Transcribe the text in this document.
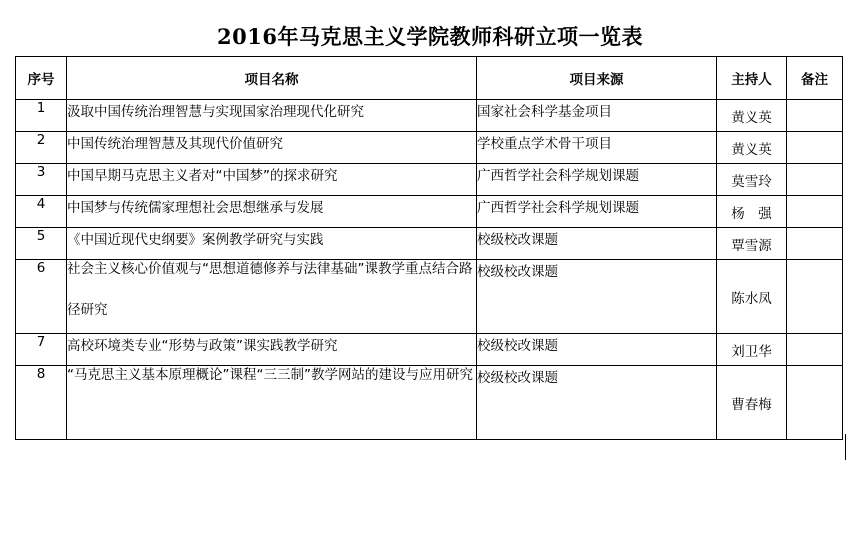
2016年马克思主义学院教师科研立项一览表
序号	项目名称	项目来源	主持人	备注
1	汲取中国传统治理智慧与实现国家治理现代化研究	国家社会科学基金项目	黄义英	
2	中国传统治理智慧及其现代价值研究	学校重点学术骨干项目	黄义英	
3	中国早期马克思主义者对“中国梦”的探求研究	广西哲学社会科学规划课题	莫雪玲	
4	中国梦与传统儒家理想社会思想继承与发展	广西哲学社会科学规划课题	杨　强	
5	《中国近现代史纲要》案例教学研究与实践	校级校改课题	覃雪源	
6	社会主义核心价值观与“思想道德修养与法律基础”课教学重点结合路径研究	校级校改课题	陈水凤	
7	高校环境类专业“形势与政策”课实践教学研究	校级校改课题	刘卫华	
8	“马克思主义基本原理概论”课程“三三制”教学网站的建设与应用研究	校级校改课题	曹春梅	
